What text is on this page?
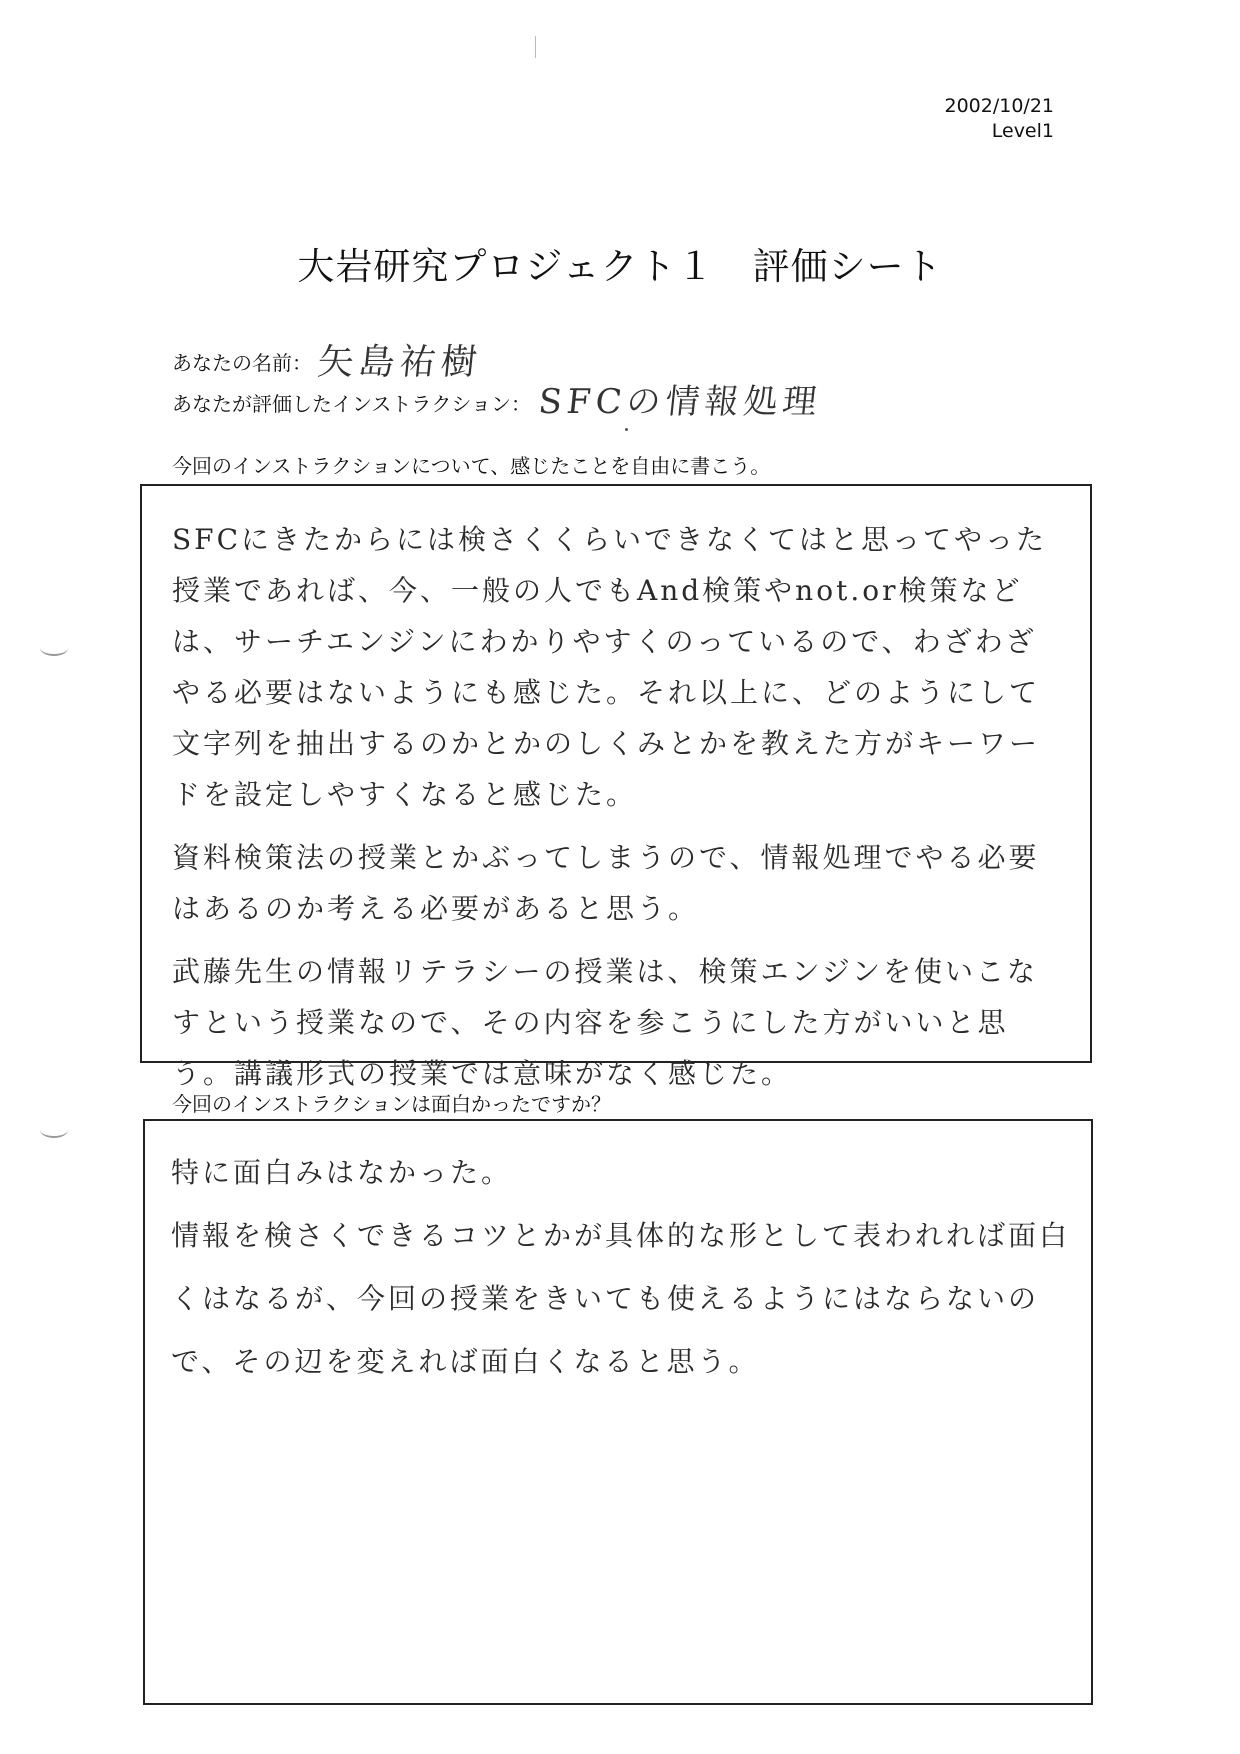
2002/10/21
Level1
大岩研究プロジェクト１　評価シート
あなたの名前：矢島祐樹
あなたが評価したインストラクション： SFCの情報処理
今回のインストラクションについて、感じたことを自由に書こう。

SFCにきたからには検さくくらいできなくてはと思ってやった授業であれば、今、一般の人でもAnd検策やnot.or検策などは、サーチエンジンにわかりやすくのっているので、わざわざやる必要はないようにも感じた。それ以上に、どのようにして文字列を抽出するのかとかのしくみとかを教えた方がキーワードを設定しやすくなると感じた。

資料検策法の授業とかぶってしまうので、情報処理でやる必要はあるのか考える必要があると思う。

武藤先生の情報リテラシーの授業は、検策エンジンを使いこなすという授業なので、その内容を参こうにした方がいいと思う。講議形式の授業では意味がなく感じた。

今回のインストラクションは面白かったですか？

特に面白みはなかった。

情報を検さくできるコツとかが具体的な形として表われれば面白くはなるが、今回の授業をきいても使えるようにはならないので、その辺を変えれば面白くなると思う。
